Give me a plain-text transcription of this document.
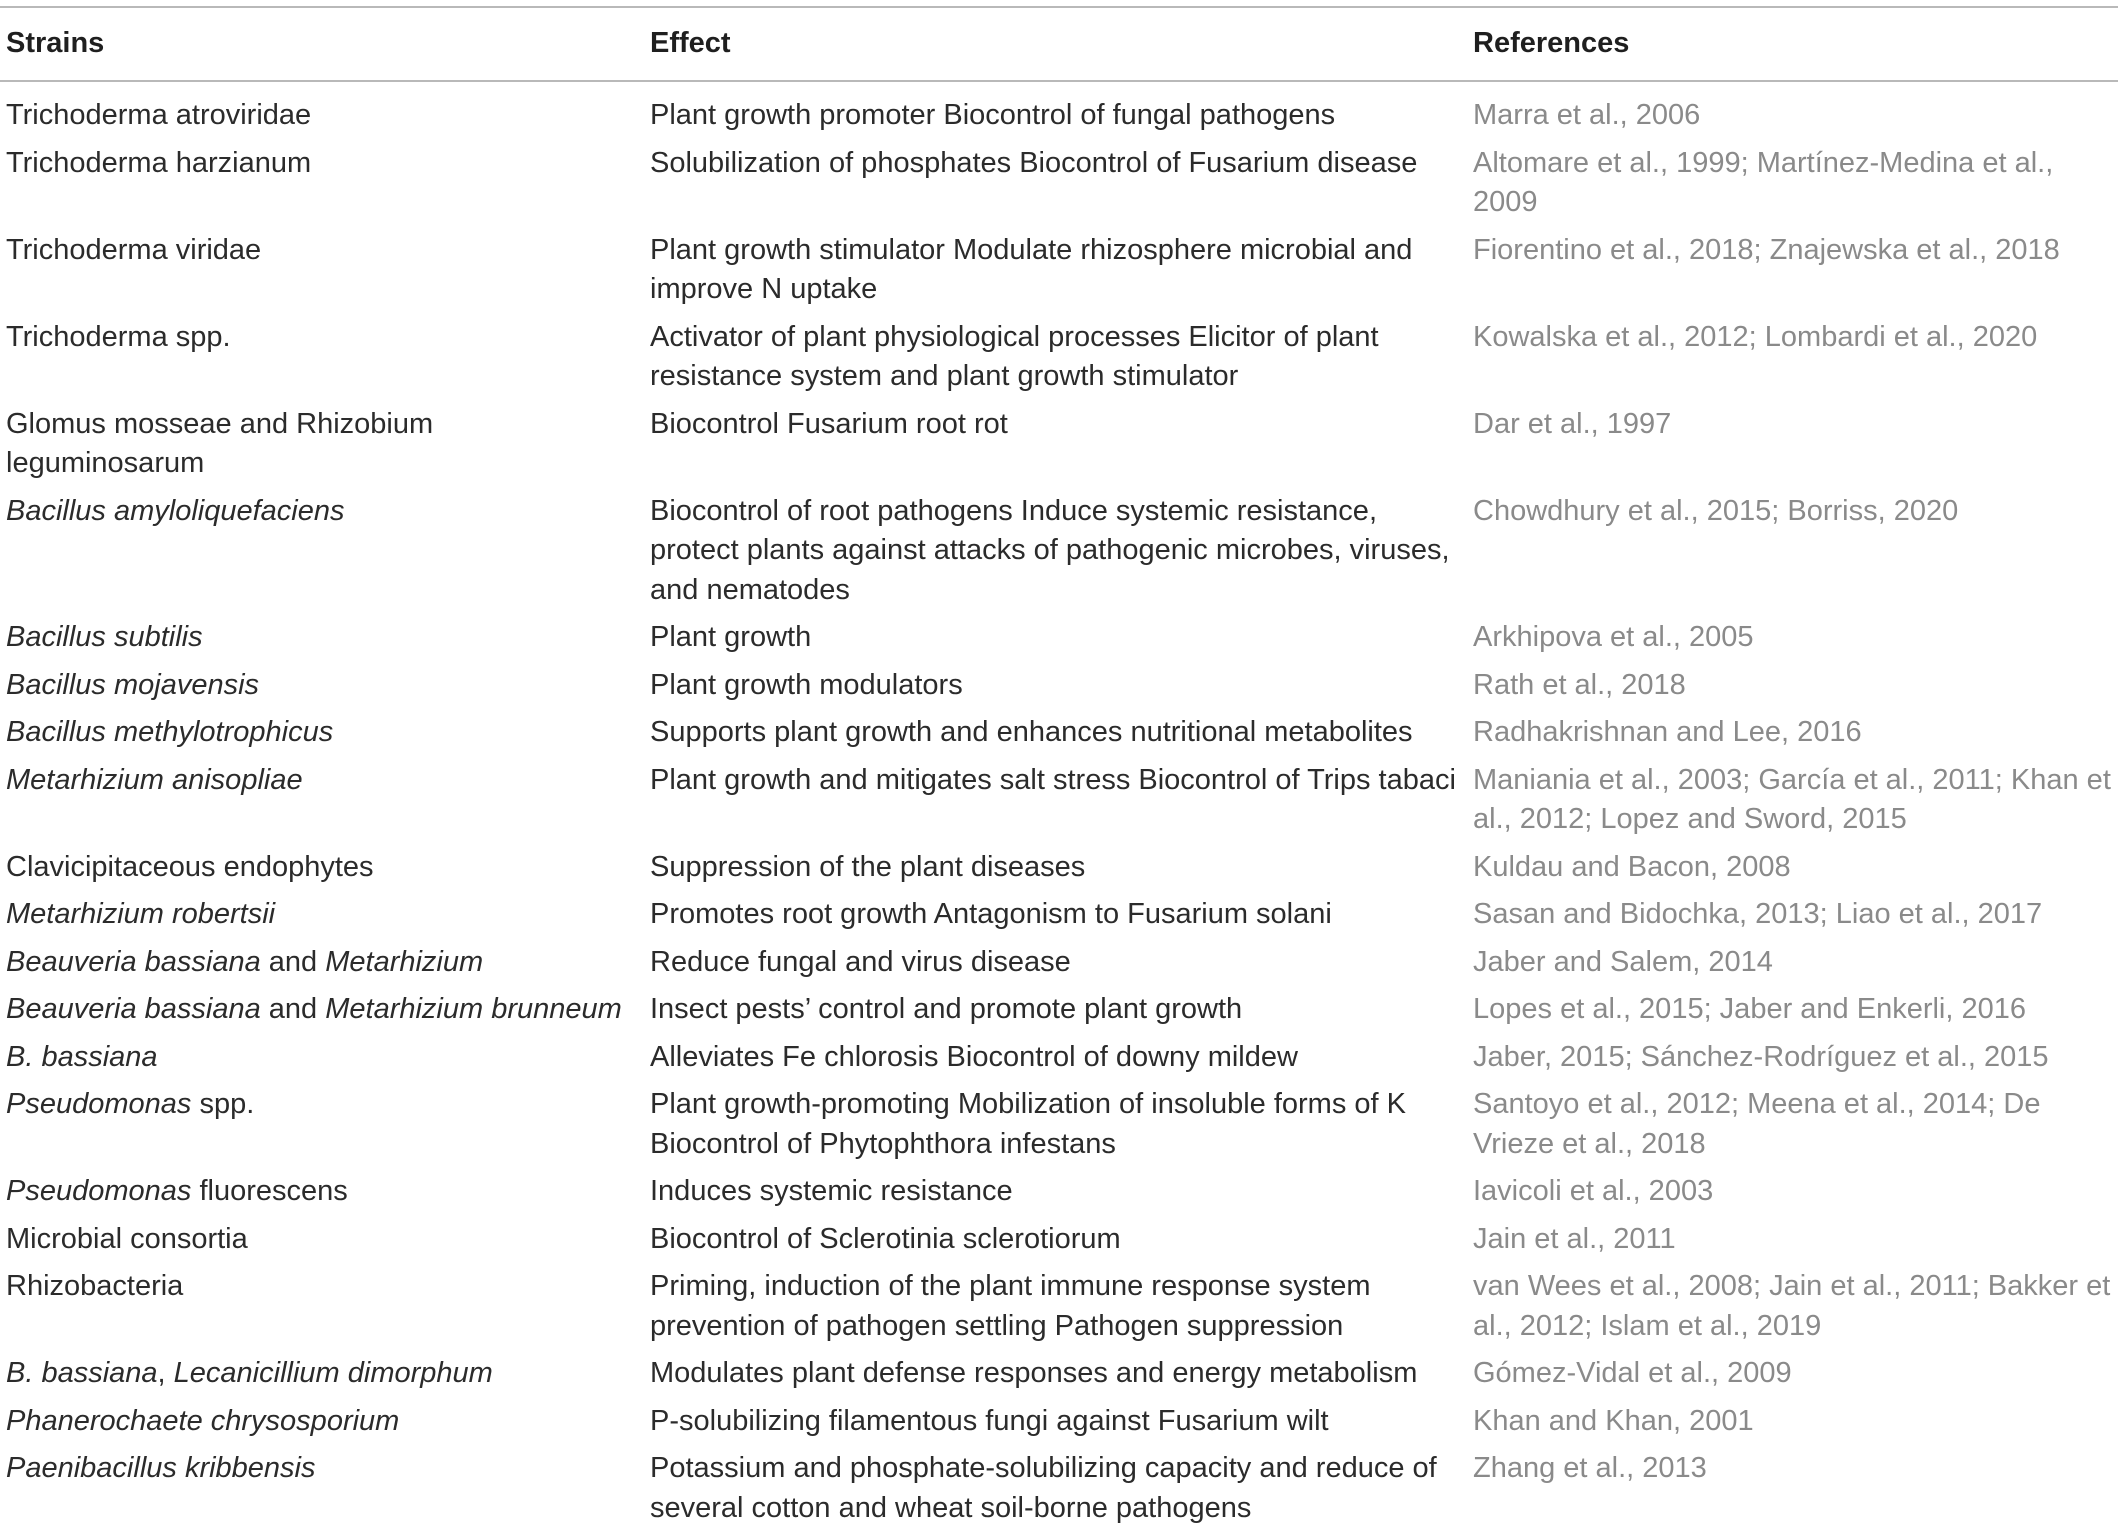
Strains	Effect	References
Trichoderma atroviridae	Plant growth promoter Biocontrol of fungal pathogens	Marra et al., 2006
Trichoderma harzianum	Solubilization of phosphates Biocontrol of Fusarium disease	Altomare et al., 1999; Martínez-Medina et al., 2009
Trichoderma viridae	Plant growth stimulator Modulate rhizosphere microbial and improve N uptake	Fiorentino et al., 2018; Znajewska et al., 2018
Trichoderma spp.	Activator of plant physiological processes Elicitor of plant resistance system and plant growth stimulator	Kowalska et al., 2012; Lombardi et al., 2020
Glomus mosseae and Rhizobium leguminosarum	Biocontrol Fusarium root rot	Dar et al., 1997
Bacillus amyloliquefaciens	Biocontrol of root pathogens Induce systemic resistance, protect plants against attacks of pathogenic microbes, viruses, and nematodes	Chowdhury et al., 2015; Borriss, 2020
Bacillus subtilis	Plant growth	Arkhipova et al., 2005
Bacillus mojavensis	Plant growth modulators	Rath et al., 2018
Bacillus methylotrophicus	Supports plant growth and enhances nutritional metabolites	Radhakrishnan and Lee, 2016
Metarhizium anisopliae	Plant growth and mitigates salt stress Biocontrol of Trips tabaci	Maniania et al., 2003; García et al., 2011; Khan et al., 2012; Lopez and Sword, 2015
Clavicipitaceous endophytes	Suppression of the plant diseases	Kuldau and Bacon, 2008
Metarhizium robertsii	Promotes root growth Antagonism to Fusarium solani	Sasan and Bidochka, 2013; Liao et al., 2017
Beauveria bassiana and Metarhizium	Reduce fungal and virus disease	Jaber and Salem, 2014
Beauveria bassiana and Metarhizium brunneum	Insect pests’ control and promote plant growth	Lopes et al., 2015; Jaber and Enkerli, 2016
B. bassiana	Alleviates Fe chlorosis Biocontrol of downy mildew	Jaber, 2015; Sánchez-Rodríguez et al., 2015
Pseudomonas spp.	Plant growth-promoting Mobilization of insoluble forms of K Biocontrol of Phytophthora infestans	Santoyo et al., 2012; Meena et al., 2014; De Vrieze et al., 2018
Pseudomonas fluorescens	Induces systemic resistance	Iavicoli et al., 2003
Microbial consortia	Biocontrol of Sclerotinia sclerotiorum	Jain et al., 2011
Rhizobacteria	Priming, induction of the plant immune response system prevention of pathogen settling Pathogen suppression	van Wees et al., 2008; Jain et al., 2011; Bakker et al., 2012; Islam et al., 2019
B. bassiana, Lecanicillium dimorphum	Modulates plant defense responses and energy metabolism	Gómez-Vidal et al., 2009
Phanerochaete chrysosporium	P-solubilizing filamentous fungi against Fusarium wilt	Khan and Khan, 2001
Paenibacillus kribbensis	Potassium and phosphate-solubilizing capacity and reduce of several cotton and wheat soil-borne pathogens	Zhang et al., 2013
